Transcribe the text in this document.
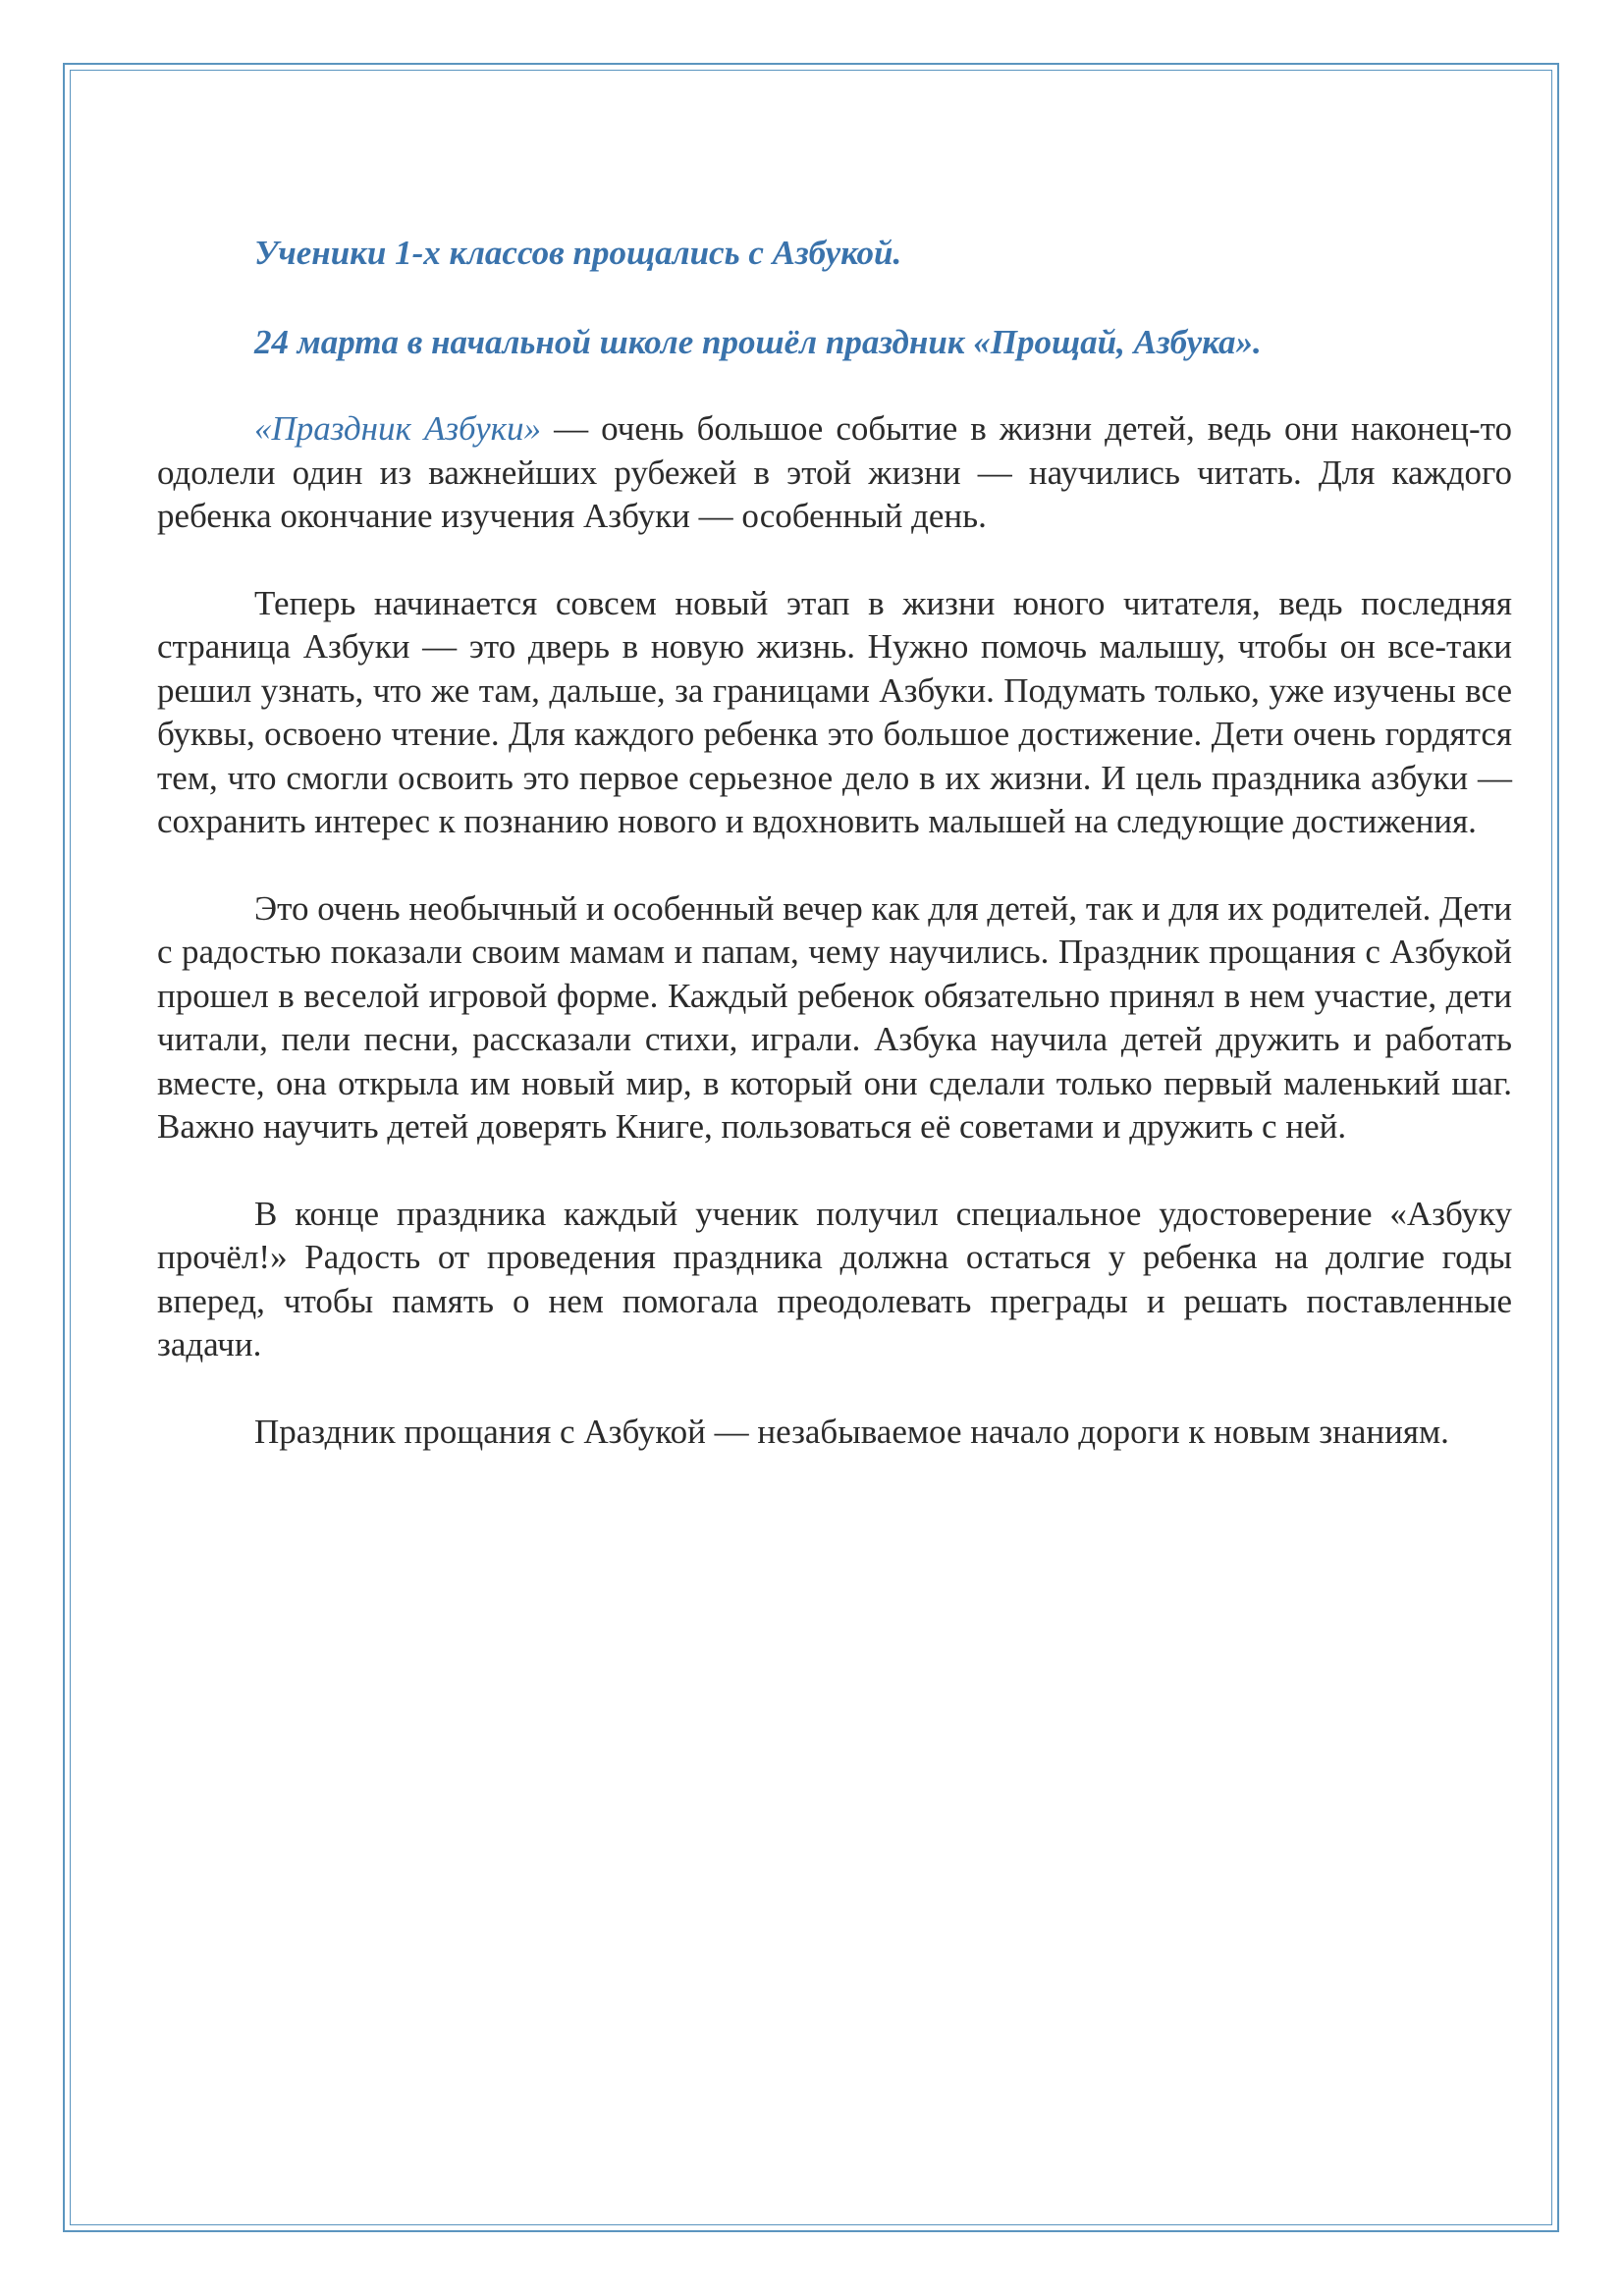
Ученики 1-х классов прощались с Азбукой.

24 марта в начальной школе прошёл праздник «Прощай, Азбука».

«Праздник Азбуки» — очень большое событие в жизни детей, ведь они наконец-то одолели один из важнейших рубежей в этой жизни — научились читать. Для каждого ребенка окончание изучения Азбуки — особенный день.

Теперь начинается совсем новый этап в жизни юного читателя, ведь последняя страница Азбуки — это дверь в новую жизнь. Нужно помочь малышу, чтобы он все-таки решил узнать, что же там, дальше, за границами Азбуки. Подумать только, уже изучены все буквы, освоено чтение. Для каждого ребенка это большое достижение. Дети очень гордятся тем, что смогли освоить это первое серьезное дело в их жизни. И цель праздника азбуки — сохранить интерес к познанию нового и вдохновить малышей на следующие достижения.

Это очень необычный и особенный вечер как для детей, так и для их родителей. Дети с радостью показали своим мамам и папам, чему научились. Праздник прощания с Азбукой прошел в веселой игровой форме. Каждый ребенок обязательно принял в нем участие, дети читали, пели песни, рассказали стихи, играли. Азбука научила детей дружить и работать вместе, она открыла им новый мир, в который они сделали только первый маленький шаг. Важно научить детей доверять Книге, пользоваться её советами и дружить с ней.

В конце праздника каждый ученик получил специальное удостоверение «Азбуку прочёл!» Радость от проведения праздника должна остаться у ребенка на долгие годы вперед, чтобы память о нем помогала преодолевать преграды и решать поставленные задачи.

Праздник прощания с Азбукой — незабываемое начало дороги к новым знаниям.
